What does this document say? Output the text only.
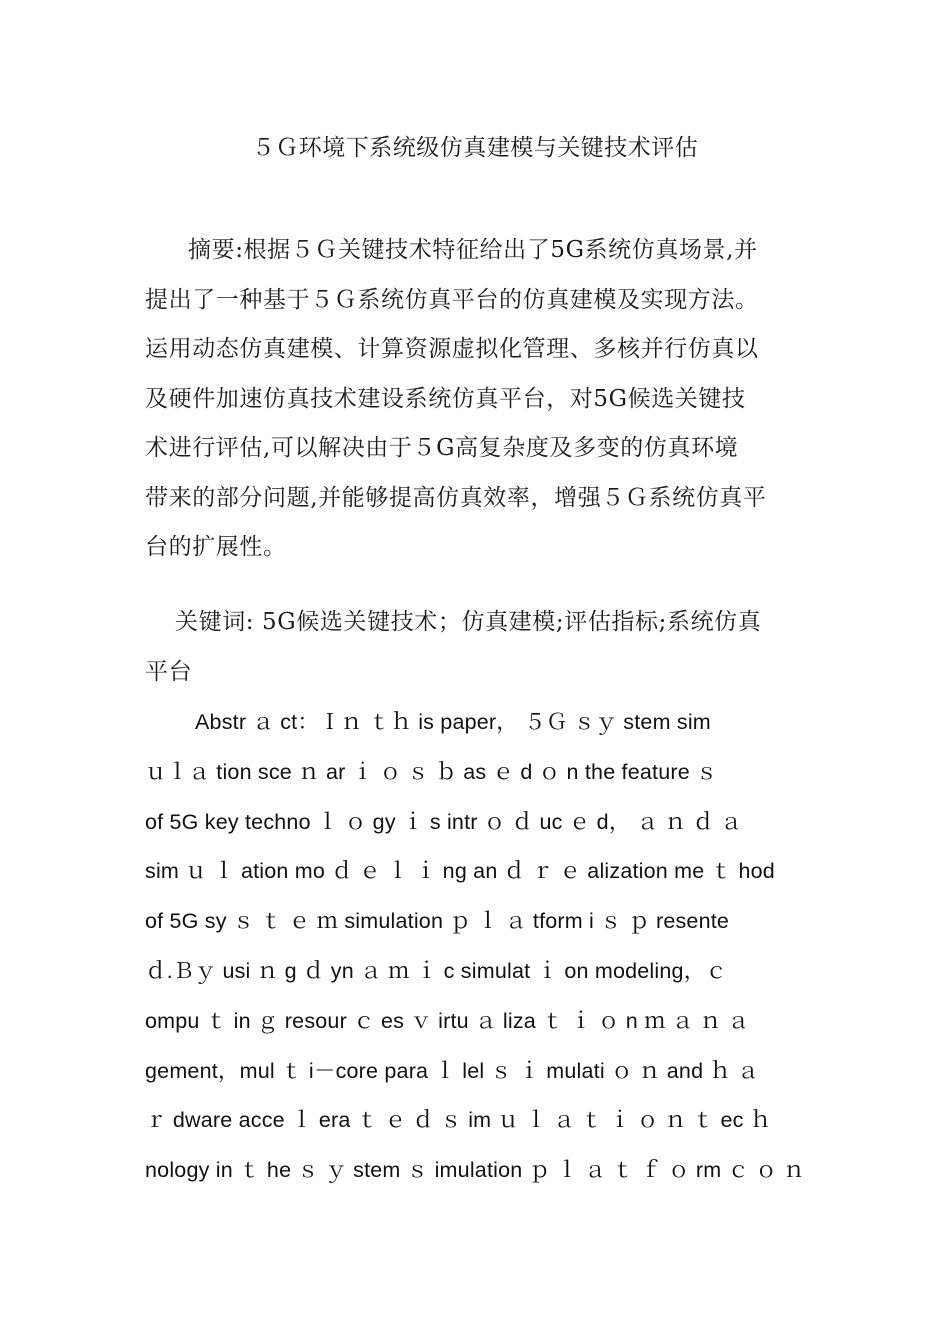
５Ｇ环境下系统级仿真建模与关键技术评估
摘要:根据５Ｇ关键技术特征给出了5G系统仿真场景,并
提出了一种基于５Ｇ系统仿真平台的仿真建模及实现方法。
运用动态仿真建模、计算资源虚拟化管理、多核并行仿真以
及硬件加速仿真技术建设系统仿真平台，对5G候选关键技
术进行评估,可以解决由于５G高复杂度及多变的仿真环境
带来的部分问题,并能够提高仿真效率，增强５Ｇ系统仿真平
台的扩展性。
关键词: 5G候选关键技术；仿真建模;评估指标;系统仿真
平台
Abstr ａ ct：Ｉｎ ｔｈ is paper， ５Ｇ ｓｙ stem sim
ｕｌａ tion sce ｎ ar ｉ ｏ ｓ ｂ as ｅ d ｏ n the feature ｓ
of 5G key techno ｌ ｏ gy ｉ s intr ｏ ｄ uc ｅ d， ａ ｎ ｄ ａ
sim ｕ ｌ ation mo ｄ ｅ ｌ ｉ ng an ｄ ｒ ｅ alization me ｔ hod
of 5G sy ｓ ｔ ｅ ｍ simulation ｐ ｌ ａ tform i ｓ ｐ resente
ｄ.Ｂｙ usi ｎ g ｄ yn ａ ｍ ｉ c simulat ｉ on modeling，ｃ
ompu ｔ in ｇ resour ｃ es ｖ irtu ａ liza ｔ ｉ ｏ n ｍ ａ ｎ ａ
gement，mul ｔ i－core para ｌ lel ｓ ｉ mulati ｏ ｎ and ｈ ａ
ｒ dware acce ｌ era ｔ ｅ ｄ ｓ im ｕ ｌ ａ ｔ ｉ ｏ ｎ ｔ ec ｈ
nology in ｔ he ｓ ｙ stem ｓ imulation ｐ ｌ ａ ｔ ｆ ｏ rm ｃ ｏ ｎ
